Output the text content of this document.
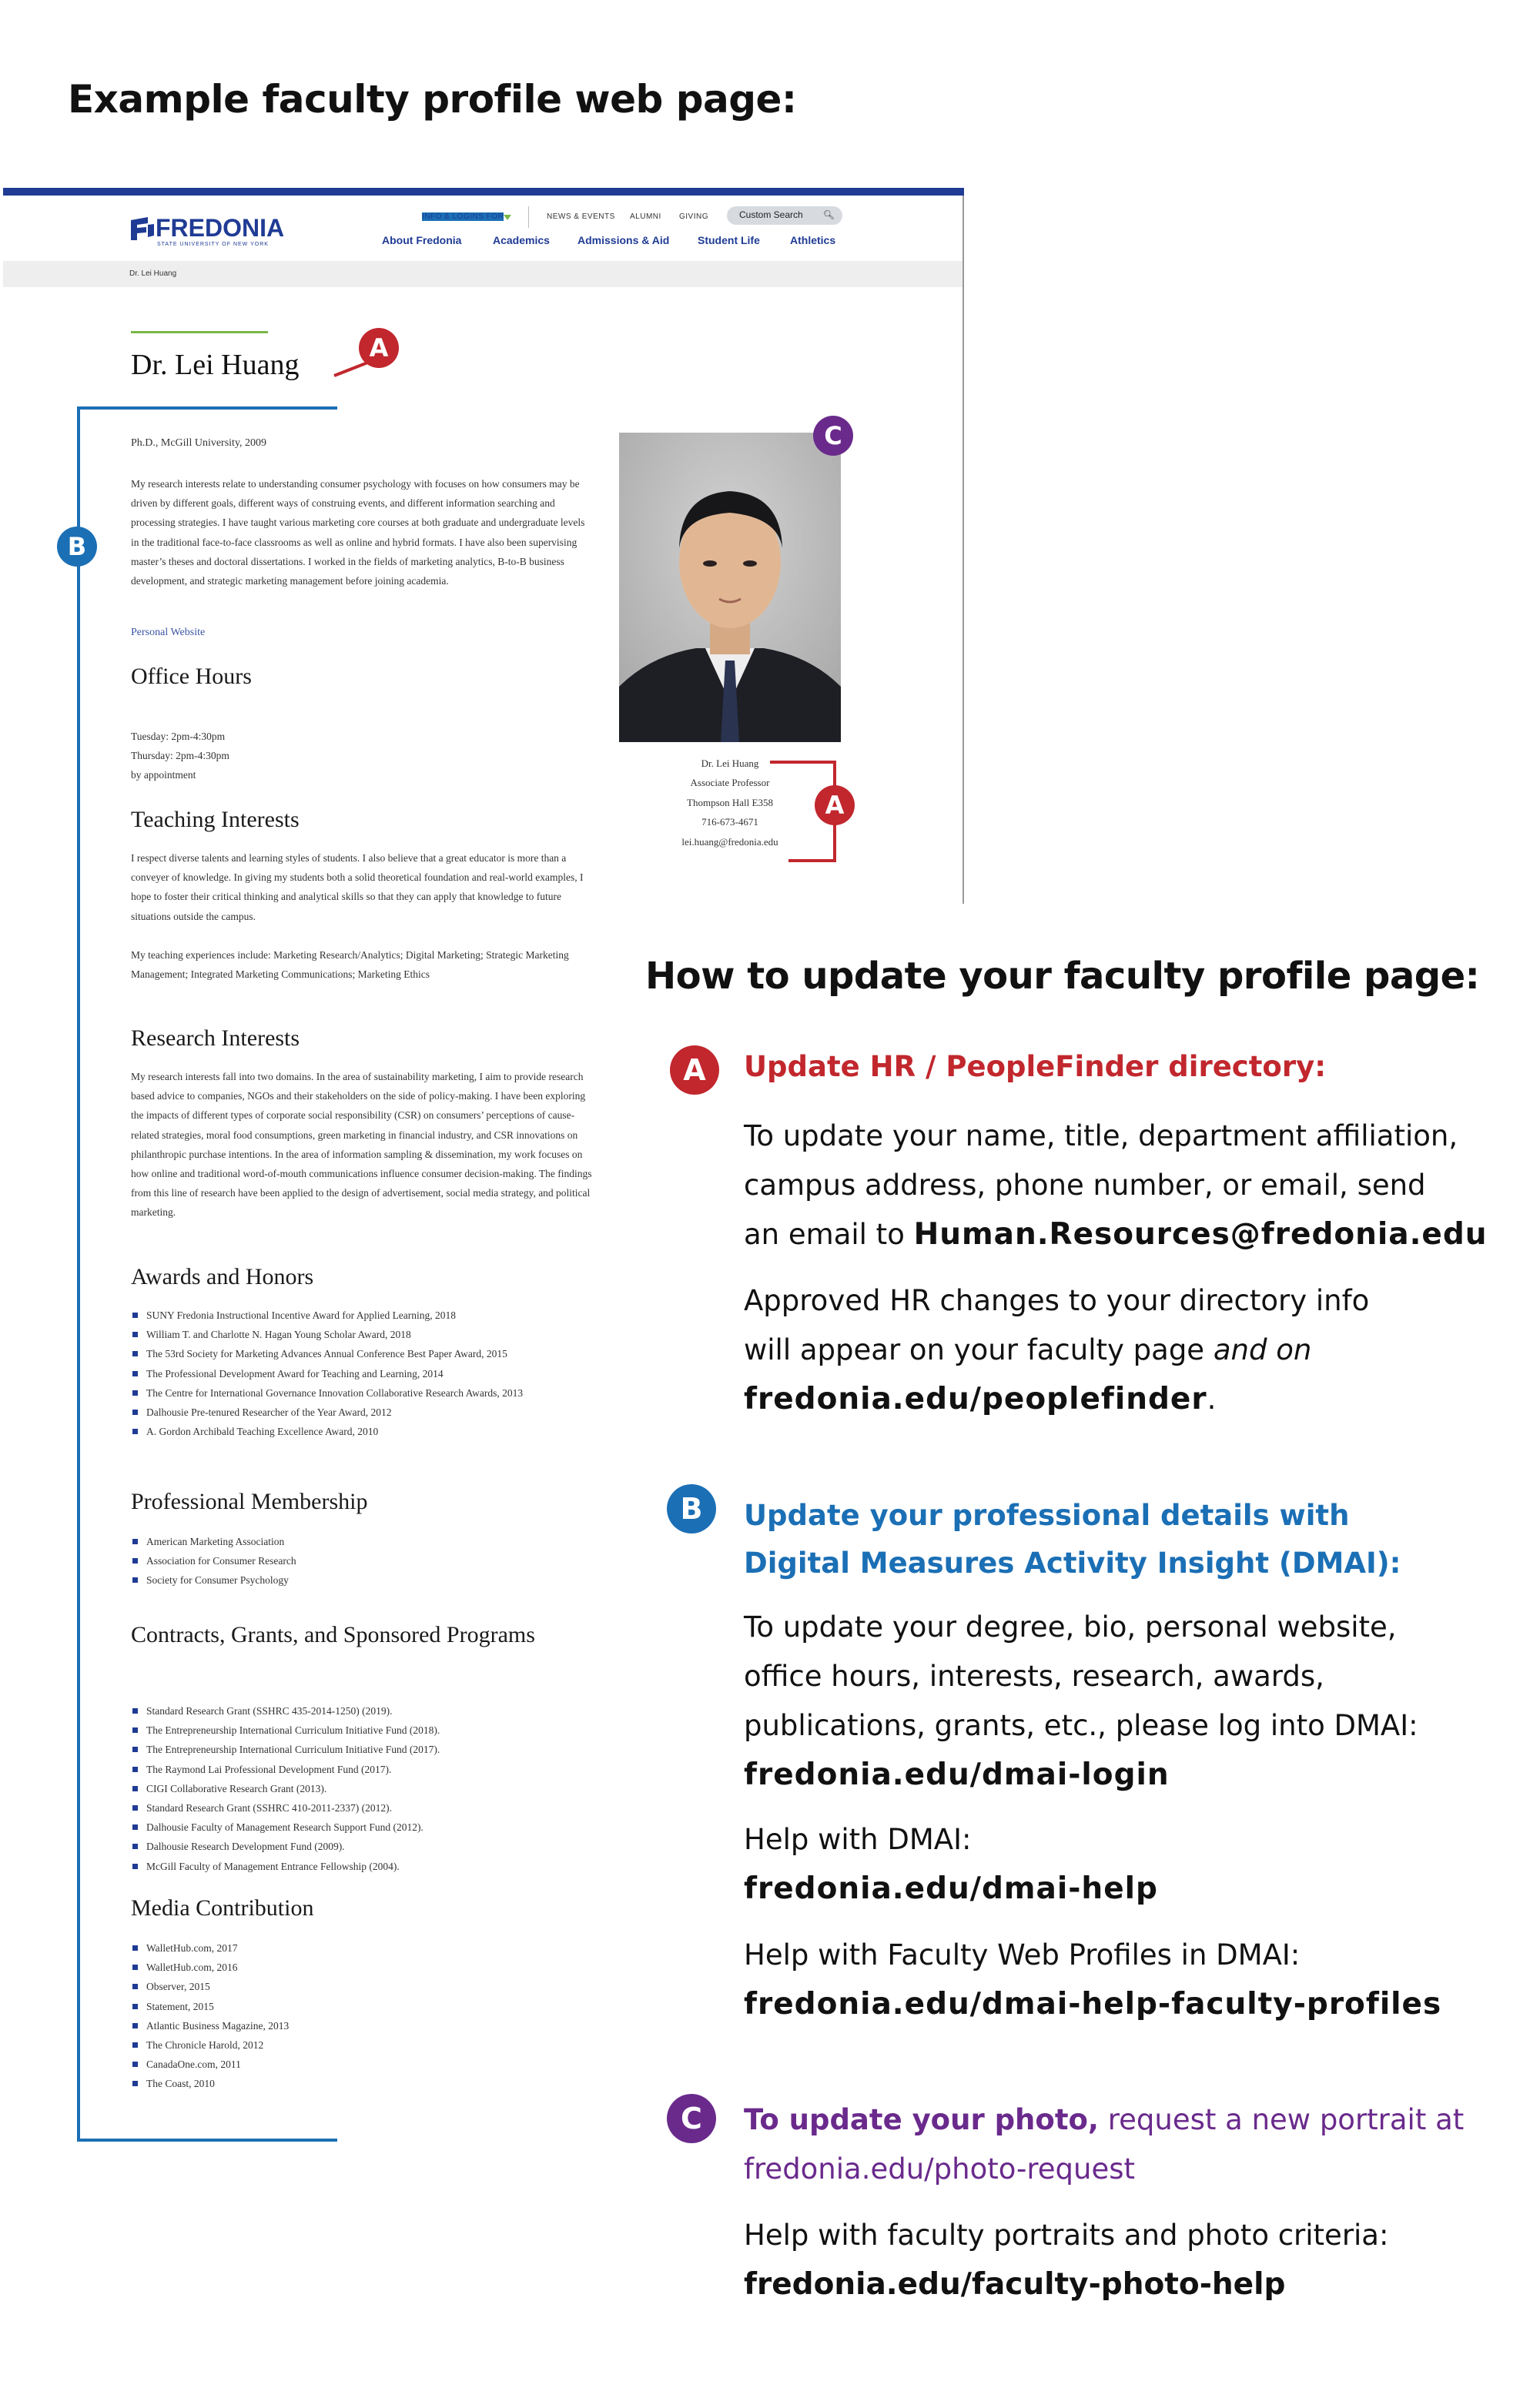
Example faculty profile web page:
FREDONIA
STATE UNIVERSITY OF NEW YORK
INFO & LOGINS FOR	NEWS & EVENTS ALUMNI GIVING	Custom Search 🔍︎
About Fredonia	Academics	Admissions & Aid	Student Life	Athletics
Dr. Lei Huang
Dr. Lei Huang
Ph.D., McGill University, 2009
My research interests relate to understanding consumer psychology with focuses on how consumers may be driven by different goals, different ways of construing events, and different information searching and processing strategies. I have taught various marketing core courses at both graduate and undergraduate levels in the traditional face-to-face classrooms as well as online and hybrid formats. I have also been supervising master’s theses and doctoral dissertations. I worked in the fields of marketing analytics, B-to-B business development, and strategic marketing management before joining academia.
Personal Website
Office Hours
Tuesday: 2pm-4:30pm
Thursday: 2pm-4:30pm
by appointment
Teaching Interests
I respect diverse talents and learning styles of students. I also believe that a great educator is more than a conveyer of knowledge. In giving my students both a solid theoretical foundation and real-world examples, I hope to foster their critical thinking and analytical skills so that they can apply that knowledge to future situations outside the campus.
My teaching experiences include: Marketing Research/Analytics; Digital Marketing; Strategic Marketing Management; Integrated Marketing Communications; Marketing Ethics
Research Interests
My research interests fall into two domains. In the area of sustainability marketing, I aim to provide research based advice to companies, NGOs and their stakeholders on the side of policy-making. I have been exploring the impacts of different types of corporate social responsibility (CSR) on consumers’ perceptions of cause-related strategies, moral food consumptions, green marketing in financial industry, and CSR innovations on philanthropic purchase intentions. In the area of information sampling & dissemination, my work focuses on how online and traditional word-of-mouth communications influence consumer decision-making. The findings from this line of research have been applied to the design of advertisement, social media strategy, and political marketing.
Awards and Honors
SUNY Fredonia Instructional Incentive Award for Applied Learning, 2018
William T. and Charlotte N. Hagan Young Scholar Award, 2018
The 53rd Society for Marketing Advances Annual Conference Best Paper Award, 2015
The Professional Development Award for Teaching and Learning, 2014
The Centre for International Governance Innovation Collaborative Research Awards, 2013
Dalhousie Pre-tenured Researcher of the Year Award, 2012
A. Gordon Archibald Teaching Excellence Award, 2010
Professional Membership
American Marketing Association
Association for Consumer Research
Society for Consumer Psychology
Contracts, Grants, and Sponsored Programs
Standard Research Grant (SSHRC 435-2014-1250) (2019).
The Entrepreneurship International Curriculum Initiative Fund (2018).
The Entrepreneurship International Curriculum Initiative Fund (2017).
The Raymond Lai Professional Development Fund (2017).
CIGI Collaborative Research Grant (2013).
Standard Research Grant (SSHRC 410-2011-2337) (2012).
Dalhousie Faculty of Management Research Support Fund (2012).
Dalhousie Research Development Fund (2009).
McGill Faculty of Management Entrance Fellowship (2004).
Media Contribution
WalletHub.com, 2017
WalletHub.com, 2016
Observer, 2015
Statement, 2015
Atlantic Business Magazine, 2013
The Chronicle Harold, 2012
CanadaOne.com, 2011
The Coast, 2010
Dr. Lei Huang
Associate Professor
Thompson Hall E358
716-673-4671
lei.huang@fredonia.edu
A
B
C
A
How to update your faculty profile page:
A	Update HR / PeopleFinder directory:
To update your name, title, department affiliation,
campus address, phone number, or email, send
an email to Human.Resources@fredonia.edu
Approved HR changes to your directory info
will appear on your faculty page and on
fredonia.edu/peoplefinder.
B	Update your professional details with
Digital Measures Activity Insight (DMAI):
To update your degree, bio, personal website,
office hours, interests, research, awards,
publications, grants, etc., please log into DMAI:
fredonia.edu/dmai-login
Help with DMAI:
fredonia.edu/dmai-help
Help with Faculty Web Profiles in DMAI:
fredonia.edu/dmai-help-faculty-profiles
C	To update your photo, request a new portrait at
fredonia.edu/photo-request
Help with faculty portraits and photo criteria:
fredonia.edu/faculty-photo-help
